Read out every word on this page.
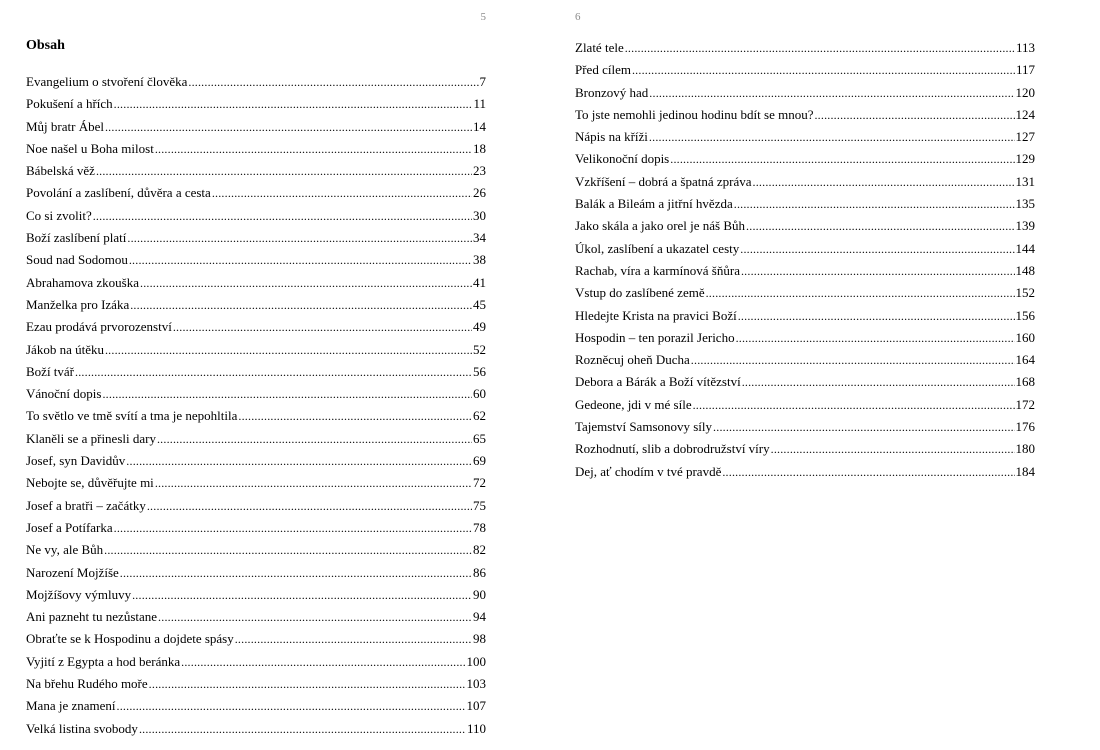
5
Obsah
Evangelium o stvoření člověka .....	7
Pokušení a hřích .....	11
Můj bratr Ábel .....	14
Noe našel u Boha milost .....	18
Bábelská věž .....	23
Povolání a zaslíbení, důvěra a cesta .....	26
Co si zvolit? .....	30
Boží zaslíbení platí .....	34
Soud nad Sodomou .....	38
Abrahamova zkouška .....	41
Manželka pro Izáka .....	45
Ezau prodává prvorozenství .....	49
Jákob na útěku .....	52
Boží tvář .....	56
Vánoční dopis .....	60
To světlo ve tmě svítí a tma je nepohltila .....	62
Klaněli se a přinesli dary .....	65
Josef, syn Davidův .....	69
Nebojte se, důvěřujte mi .....	72
Josef a bratři – začátky .....	75
Josef a Potífarka .....	78
Ne vy, ale Bůh .....	82
Narození Mojžíše .....	86
Mojžíšovy výmluvy .....	90
Ani pazneht tu nezůstane .....	94
Obraťte se k Hospodinu a dojdete spásy .....	98
Vyjití z Egypta a hod beránka .....	100
Na břehu Rudého moře .....	103
Mana je znamení .....	107
Velká listina svobody .....	110
6
Zlaté tele .....	113
Před cílem .....	117
Bronzový had .....	120
To jste nemohli jedinou hodinu bdít se mnou? .....	124
Nápis na kříži .....	127
Velikonoční dopis .....	129
Vzkříšení – dobrá a špatná zpráva .....	131
Balák a Bileám a jitřní hvězda .....	135
Jako skála a jako orel je náš Bůh .....	139
Úkol, zaslíbení a ukazatel cesty .....	144
Rachab, víra a karmínová šňůra .....	148
Vstup do zaslíbené země .....	152
Hledejte Krista na pravici Boží .....	156
Hospodin – ten porazil Jericho .....	160
Rozněcuj oheň Ducha .....	164
Debora a Bárák a Boží vítězství .....	168
Gedeone, jdi v mé síle .....	172
Tajemství Samsonovy síly .....	176
Rozhodnutí, slib a dobrodružství víry .....	180
Dej, ať chodím v tvé pravdě .....	184
